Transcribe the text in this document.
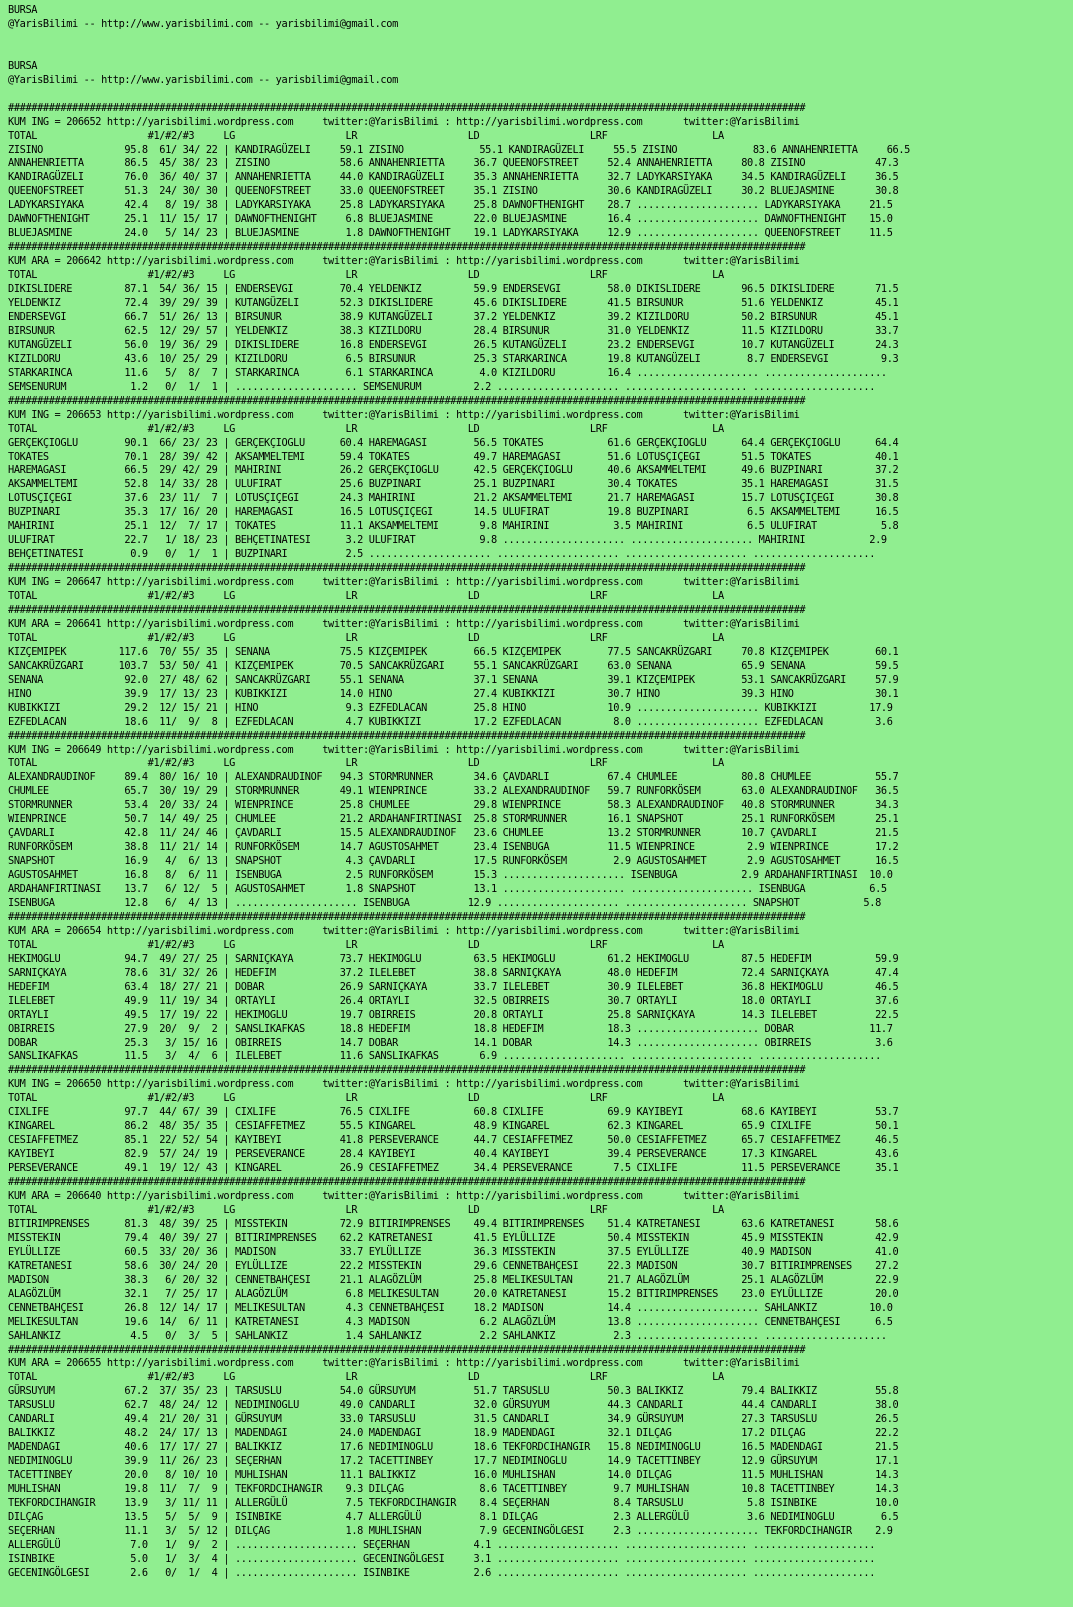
BURSA
@YarisBilimi -- http://www.yarisbilimi.com -- yarisbilimi@gmail.com

BURSA
@YarisBilimi -- http://www.yarisbilimi.com -- yarisbilimi@gmail.com

#########################################################################################################################################
KUM ING = 206652 http://yarisbilimi.wordpress.com     twitter:@YarisBilimi : http://yarisbilimi.wordpress.com       twitter:@YarisBilimi
TOTAL                   #1/#2/#3     LG                   LR                   LD                   LRF                  LA
ZISINO              95.8  61/ 34/ 22 | KANDIRAGÜZELI     59.1 ZISINO             55.1 KANDIRAGÜZELI     55.5 ZISINO             83.6 ANNAHENRIETTA     66.5
ANNAHENRIETTA       86.5  45/ 38/ 23 | ZISINO            58.6 ANNAHENRIETTA     36.7 QUEENOFSTREET     52.4 ANNAHENRIETTA     80.8 ZISINO            47.3
KANDIRAGÜZELI       76.0  36/ 40/ 37 | ANNAHENRIETTA     44.0 KANDIRAGÜZELI     35.3 ANNAHENRIETTA     32.7 LADYKARSIYAKA     34.5 KANDIRAGÜZELI     36.5
QUEENOFSTREET       51.3  24/ 30/ 30 | QUEENOFSTREET     33.0 QUEENOFSTREET     35.1 ZISINO            30.6 KANDIRAGÜZELI     30.2 BLUEJASMINE       30.8
LADYKARSIYAKA       42.4   8/ 19/ 38 | LADYKARSIYAKA     25.8 LADYKARSIYAKA     25.8 DAWNOFTHENIGHT    28.7 ..................... LADYKARSIYAKA     21.5
DAWNOFTHENIGHT      25.1  11/ 15/ 17 | DAWNOFTHENIGHT     6.8 BLUEJASMINE       22.0 BLUEJASMINE       16.4 ..................... DAWNOFTHENIGHT    15.0
BLUEJASMINE         24.0   5/ 14/ 23 | BLUEJASMINE        1.8 DAWNOFTHENIGHT    19.1 LADYKARSIYAKA     12.9 ..................... QUEENOFSTREET     11.5
#########################################################################################################################################
KUM ARA = 206642 http://yarisbilimi.wordpress.com     twitter:@YarisBilimi : http://yarisbilimi.wordpress.com       twitter:@YarisBilimi
TOTAL                   #1/#2/#3     LG                   LR                   LD                   LRF                  LA
DIKISLIDERE         87.1  54/ 36/ 15 | ENDERSEVGI        70.4 YELDENKIZ         59.9 ENDERSEVGI        58.0 DIKISLIDERE       96.5 DIKISLIDERE       71.5
YELDENKIZ           72.4  39/ 29/ 39 | KUTANGÜZELI       52.3 DIKISLIDERE       45.6 DIKISLIDERE       41.5 BIRSUNUR          51.6 YELDENKIZ         45.1
ENDERSEVGI          66.7  51/ 26/ 13 | BIRSUNUR          38.9 KUTANGÜZELI       37.2 YELDENKIZ         39.2 KIZILDORU         50.2 BIRSUNUR          45.1
BIRSUNUR            62.5  12/ 29/ 57 | YELDENKIZ         38.3 KIZILDORU         28.4 BIRSUNUR          31.0 YELDENKIZ         11.5 KIZILDORU         33.7
KUTANGÜZELI         56.0  19/ 36/ 29 | DIKISLIDERE       16.8 ENDERSEVGI        26.5 KUTANGÜZELI       23.2 ENDERSEVGI        10.7 KUTANGÜZELI       24.3
KIZILDORU           43.6  10/ 25/ 29 | KIZILDORU          6.5 BIRSUNUR          25.3 STARKARINCA       19.8 KUTANGÜZELI        8.7 ENDERSEVGI         9.3
STARKARINCA         11.6   5/  8/  7 | STARKARINCA        6.1 STARKARINCA        4.0 KIZILDORU         16.4 ..................... .....................
SEMSENURUM           1.2   0/  1/  1 | ..................... SEMSENURUM         2.2 ..................... ..................... .....................
#########################################################################################################################################
KUM ING = 206653 http://yarisbilimi.wordpress.com     twitter:@YarisBilimi : http://yarisbilimi.wordpress.com       twitter:@YarisBilimi
TOTAL                   #1/#2/#3     LG                   LR                   LD                   LRF                  LA
GERÇEKÇIOGLU        90.1  66/ 23/ 23 | GERÇEKÇIOGLU      60.4 HAREMAGASI        56.5 TOKATES           61.6 GERÇEKÇIOGLU      64.4 GERÇEKÇIOGLU      64.4
TOKATES             70.1  28/ 39/ 42 | AKSAMMELTEMI      59.4 TOKATES           49.7 HAREMAGASI        51.6 LOTUSÇIÇEGI       51.5 TOKATES           40.1
HAREMAGASI          66.5  29/ 42/ 29 | MAHIRINI          26.2 GERÇEKÇIOGLU      42.5 GERÇEKÇIOGLU      40.6 AKSAMMELTEMI      49.6 BUZPINARI         37.2
AKSAMMELTEMI        52.8  14/ 33/ 28 | ULUFIRAT          25.6 BUZPINARI         25.1 BUZPINARI         30.4 TOKATES           35.1 HAREMAGASI        31.5
LOTUSÇIÇEGI         37.6  23/ 11/  7 | LOTUSÇIÇEGI       24.3 MAHIRINI          21.2 AKSAMMELTEMI      21.7 HAREMAGASI        15.7 LOTUSÇIÇEGI       30.8
BUZPINARI           35.3  17/ 16/ 20 | HAREMAGASI        16.5 LOTUSÇIÇEGI       14.5 ULUFIRAT          19.8 BUZPINARI          6.5 AKSAMMELTEMI      16.5
MAHIRINI            25.1  12/  7/ 17 | TOKATES           11.1 AKSAMMELTEMI       9.8 MAHIRINI           3.5 MAHIRINI           6.5 ULUFIRAT           5.8
ULUFIRAT            22.7   1/ 18/ 23 | BEHÇETINATESI      3.2 ULUFIRAT           9.8 ..................... ..................... MAHIRINI           2.9
BEHÇETINATESI        0.9   0/  1/  1 | BUZPINARI          2.5 ..................... ..................... ..................... .....................
#########################################################################################################################################
KUM ING = 206647 http://yarisbilimi.wordpress.com     twitter:@YarisBilimi : http://yarisbilimi.wordpress.com       twitter:@YarisBilimi
TOTAL                   #1/#2/#3     LG                   LR                   LD                   LRF                  LA
#########################################################################################################################################
KUM ARA = 206641 http://yarisbilimi.wordpress.com     twitter:@YarisBilimi : http://yarisbilimi.wordpress.com       twitter:@YarisBilimi
TOTAL                   #1/#2/#3     LG                   LR                   LD                   LRF                  LA
KIZÇEMIPEK         117.6  70/ 55/ 35 | SENANA            75.5 KIZÇEMIPEK        66.5 KIZÇEMIPEK        77.5 SANCAKRÜZGARI     70.8 KIZÇEMIPEK        60.1
SANCAKRÜZGARI      103.7  53/ 50/ 41 | KIZÇEMIPEK        70.5 SANCAKRÜZGARI     55.1 SANCAKRÜZGARI     63.0 SENANA            65.9 SENANA            59.5
SENANA              92.0  27/ 48/ 62 | SANCAKRÜZGARI     55.1 SENANA            37.1 SENANA            39.1 KIZÇEMIPEK        53.1 SANCAKRÜZGARI     57.9
HINO                39.9  17/ 13/ 23 | KUBIKKIZI         14.0 HINO              27.4 KUBIKKIZI         30.7 HINO              39.3 HINO              30.1
KUBIKKIZI           29.2  12/ 15/ 21 | HINO               9.3 EZFEDLACAN        25.8 HINO              10.9 ..................... KUBIKKIZI         17.9
EZFEDLACAN          18.6  11/  9/  8 | EZFEDLACAN         4.7 KUBIKKIZI         17.2 EZFEDLACAN         8.0 ..................... EZFEDLACAN         3.6
#########################################################################################################################################
KUM ING = 206649 http://yarisbilimi.wordpress.com     twitter:@YarisBilimi : http://yarisbilimi.wordpress.com       twitter:@YarisBilimi
TOTAL                   #1/#2/#3     LG                   LR                   LD                   LRF                  LA
ALEXANDRAUDINOF     89.4  80/ 16/ 10 | ALEXANDRAUDINOF   94.3 STORMRUNNER       34.6 ÇAVDARLI          67.4 CHUMLEE           80.8 CHUMLEE           55.7
CHUMLEE             65.7  30/ 19/ 29 | STORMRUNNER       49.1 WIENPRINCE        33.2 ALEXANDRAUDINOF   59.7 RUNFORKÖSEM       63.0 ALEXANDRAUDINOF   36.5
STORMRUNNER         53.4  20/ 33/ 24 | WIENPRINCE        25.8 CHUMLEE           29.8 WIENPRINCE        58.3 ALEXANDRAUDINOF   40.8 STORMRUNNER       34.3
WIENPRINCE          50.7  14/ 49/ 25 | CHUMLEE           21.2 ARDAHANFIRTINASI  25.8 STORMRUNNER       16.1 SNAPSHOT          25.1 RUNFORKÖSEM       25.1
ÇAVDARLI            42.8  11/ 24/ 46 | ÇAVDARLI          15.5 ALEXANDRAUDINOF   23.6 CHUMLEE           13.2 STORMRUNNER       10.7 ÇAVDARLI          21.5
RUNFORKÖSEM         38.8  11/ 21/ 14 | RUNFORKÖSEM       14.7 AGUSTOSAHMET      23.4 ISENBUGA          11.5 WIENPRINCE         2.9 WIENPRINCE        17.2
SNAPSHOT            16.9   4/  6/ 13 | SNAPSHOT           4.3 ÇAVDARLI          17.5 RUNFORKÖSEM        2.9 AGUSTOSAHMET       2.9 AGUSTOSAHMET      16.5
AGUSTOSAHMET        16.8   8/  6/ 11 | ISENBUGA           2.5 RUNFORKÖSEM       15.3 ..................... ISENBUGA           2.9 ARDAHANFIRTINASI  10.0
ARDAHANFIRTINASI    13.7   6/ 12/  5 | AGUSTOSAHMET       1.8 SNAPSHOT          13.1 ..................... ..................... ISENBUGA           6.5
ISENBUGA            12.8   6/  4/ 13 | ..................... ISENBUGA          12.9 ..................... ..................... SNAPSHOT           5.8
#########################################################################################################################################
KUM ARA = 206654 http://yarisbilimi.wordpress.com     twitter:@YarisBilimi : http://yarisbilimi.wordpress.com       twitter:@YarisBilimi
TOTAL                   #1/#2/#3     LG                   LR                   LD                   LRF                  LA
HEKIMOGLU           94.7  49/ 27/ 25 | SARNIÇKAYA        73.7 HEKIMOGLU         63.5 HEKIMOGLU         61.2 HEKIMOGLU         87.5 HEDEFIM           59.9
SARNIÇKAYA          78.6  31/ 32/ 26 | HEDEFIM           37.2 ILELEBET          38.8 SARNIÇKAYA        48.0 HEDEFIM           72.4 SARNIÇKAYA        47.4
HEDEFIM             63.4  18/ 27/ 21 | DOBAR             26.9 SARNIÇKAYA        33.7 ILELEBET          30.9 ILELEBET          36.8 HEKIMOGLU         46.5
ILELEBET            49.9  11/ 19/ 34 | ORTAYLI           26.4 ORTAYLI           32.5 OBIRREIS          30.7 ORTAYLI           18.0 ORTAYLI           37.6
ORTAYLI             49.5  17/ 19/ 22 | HEKIMOGLU         19.7 OBIRREIS          20.8 ORTAYLI           25.8 SARNIÇKAYA        14.3 ILELEBET          22.5
OBIRREIS            27.9  20/  9/  2 | SANSLIKAFKAS      18.8 HEDEFIM           18.8 HEDEFIM           18.3 ..................... DOBAR             11.7
DOBAR               25.3   3/ 15/ 16 | OBIRREIS          14.7 DOBAR             14.1 DOBAR             14.3 ..................... OBIRREIS           3.6
SANSLIKAFKAS        11.5   3/  4/  6 | ILELEBET          11.6 SANSLIKAFKAS       6.9 ..................... ..................... .....................
#########################################################################################################################################
KUM ING = 206650 http://yarisbilimi.wordpress.com     twitter:@YarisBilimi : http://yarisbilimi.wordpress.com       twitter:@YarisBilimi
TOTAL                   #1/#2/#3     LG                   LR                   LD                   LRF                  LA
CIXLIFE             97.7  44/ 67/ 39 | CIXLIFE           76.5 CIXLIFE           60.8 CIXLIFE           69.9 KAYIBEYI          68.6 KAYIBEYI          53.7
KINGAREL            86.2  48/ 35/ 35 | CESIAFFETMEZ      55.5 KINGAREL          48.9 KINGAREL          62.3 KINGAREL          65.9 CIXLIFE           50.1
CESIAFFETMEZ        85.1  22/ 52/ 54 | KAYIBEYI          41.8 PERSEVERANCE      44.7 CESIAFFETMEZ      50.0 CESIAFFETMEZ      65.7 CESIAFFETMEZ      46.5
KAYIBEYI            82.9  57/ 24/ 19 | PERSEVERANCE      28.4 KAYIBEYI          40.4 KAYIBEYI          39.4 PERSEVERANCE      17.3 KINGAREL          43.6
PERSEVERANCE        49.1  19/ 12/ 43 | KINGAREL          26.9 CESIAFFETMEZ      34.4 PERSEVERANCE       7.5 CIXLIFE           11.5 PERSEVERANCE      35.1
#########################################################################################################################################
KUM ARA = 206640 http://yarisbilimi.wordpress.com     twitter:@YarisBilimi : http://yarisbilimi.wordpress.com       twitter:@YarisBilimi
TOTAL                   #1/#2/#3     LG                   LR                   LD                   LRF                  LA
BITIRIMPRENSES      81.3  48/ 39/ 25 | MISSTEKIN         72.9 BITIRIMPRENSES    49.4 BITIRIMPRENSES    51.4 KATRETANESI       63.6 KATRETANESI       58.6
MISSTEKIN           79.4  40/ 39/ 27 | BITIRIMPRENSES    62.2 KATRETANESI       41.5 EYLÜLLIZE         50.4 MISSTEKIN         45.9 MISSTEKIN         42.9
EYLÜLLIZE           60.5  33/ 20/ 36 | MADISON           33.7 EYLÜLLIZE         36.3 MISSTEKIN         37.5 EYLÜLLIZE         40.9 MADISON           41.0
KATRETANESI         58.6  30/ 24/ 20 | EYLÜLLIZE         22.2 MISSTEKIN         29.6 CENNETBAHÇESI     22.3 MADISON           30.7 BITIRIMPRENSES    27.2
MADISON             38.3   6/ 20/ 32 | CENNETBAHÇESI     21.1 ALAGÖZLÜM         25.8 MELIKESULTAN      21.7 ALAGÖZLÜM         25.1 ALAGÖZLÜM         22.9
ALAGÖZLÜM           32.1   7/ 25/ 17 | ALAGÖZLÜM          6.8 MELIKESULTAN      20.0 KATRETANESI       15.2 BITIRIMPRENSES    23.0 EYLÜLLIZE         20.0
CENNETBAHÇESI       26.8  12/ 14/ 17 | MELIKESULTAN       4.3 CENNETBAHÇESI     18.2 MADISON           14.4 ..................... SAHLANKIZ         10.0
MELIKESULTAN        19.6  14/  6/ 11 | KATRETANESI        4.3 MADISON            6.2 ALAGÖZLÜM         13.8 ..................... CENNETBAHÇESI      6.5
SAHLANKIZ            4.5   0/  3/  5 | SAHLANKIZ          1.4 SAHLANKIZ          2.2 SAHLANKIZ          2.3 ..................... .....................
#########################################################################################################################################
KUM ARA = 206655 http://yarisbilimi.wordpress.com     twitter:@YarisBilimi : http://yarisbilimi.wordpress.com       twitter:@YarisBilimi
TOTAL                   #1/#2/#3     LG                   LR                   LD                   LRF                  LA
GÜRSUYUM            67.2  37/ 35/ 23 | TARSUSLU          54.0 GÜRSUYUM          51.7 TARSUSLU          50.3 BALIKKIZ          79.4 BALIKKIZ          55.8
TARSUSLU            62.7  48/ 24/ 12 | NEDIMINOGLU       49.0 CANDARLI          32.0 GÜRSUYUM          44.3 CANDARLI          44.4 CANDARLI          38.0
CANDARLI            49.4  21/ 20/ 31 | GÜRSUYUM          33.0 TARSUSLU          31.5 CANDARLI          34.9 GÜRSUYUM          27.3 TARSUSLU          26.5
BALIKKIZ            48.2  24/ 17/ 13 | MADENDAGI         24.0 MADENDAGI         18.9 MADENDAGI         32.1 DILÇAG            17.2 DILÇAG            22.2
MADENDAGI           40.6  17/ 17/ 27 | BALIKKIZ          17.6 NEDIMINOGLU       18.6 TEKFORDCIHANGIR   15.8 NEDIMINOGLU       16.5 MADENDAGI         21.5
NEDIMINOGLU         39.9  11/ 26/ 23 | SEÇERHAN          17.2 TACETTINBEY       17.7 NEDIMINOGLU       14.9 TACETTINBEY       12.9 GÜRSUYUM          17.1
TACETTINBEY         20.0   8/ 10/ 10 | MUHLISHAN         11.1 BALIKKIZ          16.0 MUHLISHAN         14.0 DILÇAG            11.5 MUHLISHAN         14.3
MUHLISHAN           19.8  11/  7/  9 | TEKFORDCIHANGIR    9.3 DILÇAG             8.6 TACETTINBEY        9.7 MUHLISHAN         10.8 TACETTINBEY       14.3
TEKFORDCIHANGIR     13.9   3/ 11/ 11 | ALLERGÜLÜ          7.5 TEKFORDCIHANGIR    8.4 SEÇERHAN           8.4 TARSUSLU           5.8 ISINBIKE          10.0
DILÇAG              13.5   5/  5/  9 | ISINBIKE           4.7 ALLERGÜLÜ          8.1 DILÇAG             2.3 ALLERGÜLÜ          3.6 NEDIMINOGLU        6.5
SEÇERHAN            11.1   3/  5/ 12 | DILÇAG             1.8 MUHLISHAN          7.9 GECENINGÖLGESI     2.3 ..................... TEKFORDCIHANGIR    2.9
ALLERGÜLÜ            7.0   1/  9/  2 | ..................... SEÇERHAN           4.1 ..................... ..................... .....................
ISINBIKE             5.0   1/  3/  4 | ..................... GECENINGÖLGESI     3.1 ..................... ..................... .....................
GECENINGÖLGESI       2.6   0/  1/  4 | ..................... ISINBIKE           2.6 ..................... ..................... .....................
